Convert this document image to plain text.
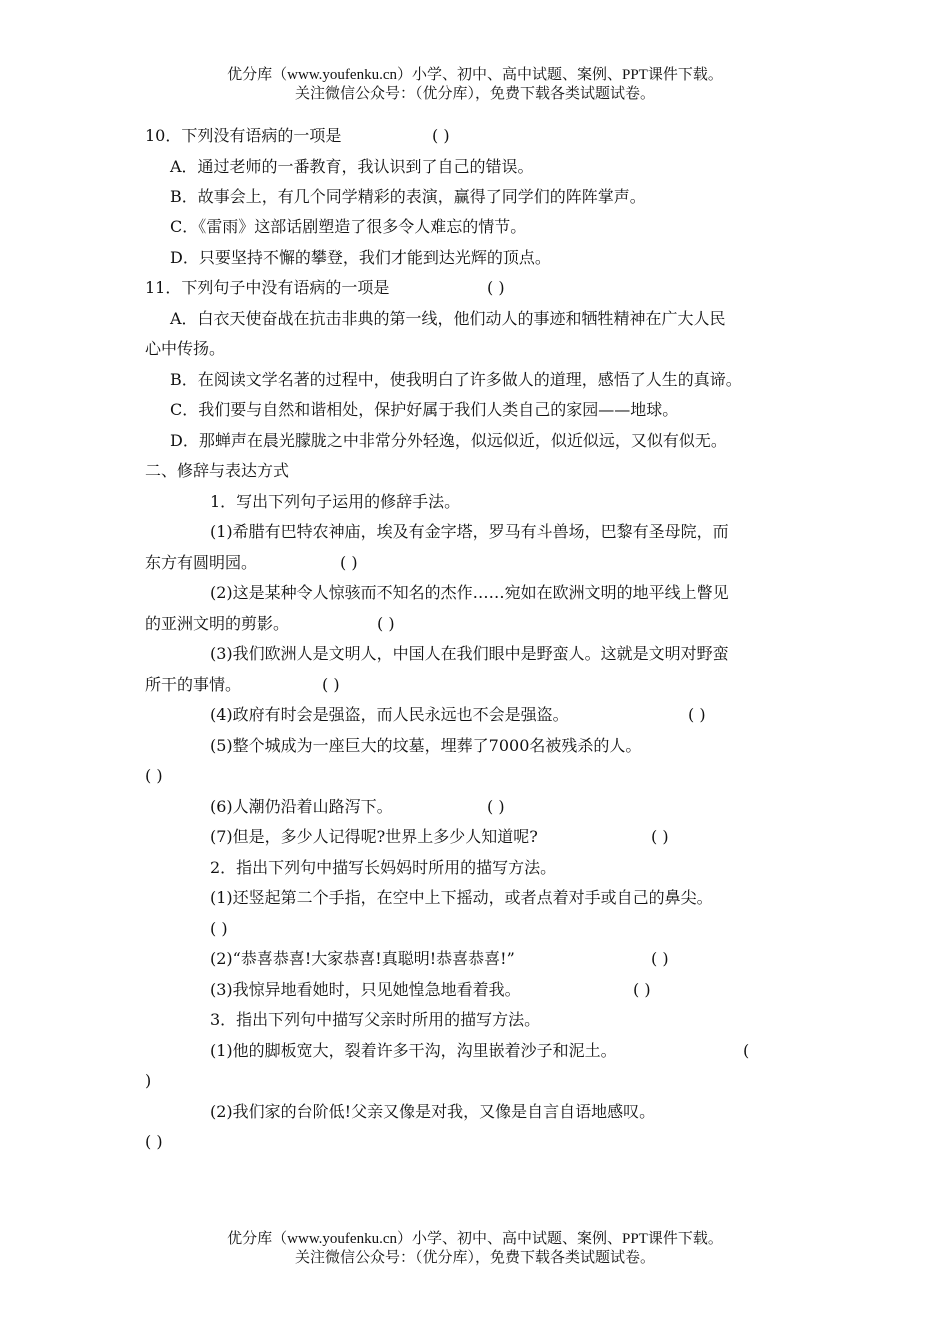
优分库（www.youfenku.cn）小学、初中、高中试题、案例、PPT课件下载。
关注微信公众号：（优分库），免费下载各类试题试卷。
10．下列没有语病的一项是	( )
A．通过老师的一番教育，我认识到了自己的错误。
B．故事会上，有几个同学精彩的表演，赢得了同学们的阵阵掌声。
C．《雷雨》这部话剧塑造了很多令人难忘的情节。
D．只要坚持不懈的攀登，我们才能到达光辉的顶点。
11．下列句子中没有语病的一项是	( )
A．白衣天使奋战在抗击非典的第一线，他们动人的事迹和牺牲精神在广大人民
心中传扬。
B．在阅读文学名著的过程中，使我明白了许多做人的道理，感悟了人生的真谛。
C．我们要与自然和谐相处，保护好属于我们人类自己的家园——地球。
D．那蝉声在晨光朦胧之中非常分外轻逸，似远似近，似近似远，又似有似无。
二、修辞与表达方式
1．写出下列句子运用的修辞手法。
(1)希腊有巴特农神庙，埃及有金字塔，罗马有斗兽场，巴黎有圣母院，而
东方有圆明园。	( )
(2)这是某种令人惊骇而不知名的杰作……宛如在欧洲文明的地平线上瞥见
的亚洲文明的剪影。	( )
(3)我们欧洲人是文明人，中国人在我们眼中是野蛮人。这就是文明对野蛮
所干的事情。	( )
(4)政府有时会是强盗，而人民永远也不会是强盗。	( )
(5)整个城成为一座巨大的坟墓，埋葬了7000名被残杀的人。
( )
(6)人潮仍沿着山路泻下。	( )
(7)但是，多少人记得呢?世界上多少人知道呢?	( )
2．指出下列句中描写长妈妈时所用的描写方法。
(1)还竖起第二个手指，在空中上下摇动，或者点着对手或自己的鼻尖。
( )
(2)“恭喜恭喜!大家恭喜!真聪明!恭喜恭喜!”	( )
(3)我惊异地看她时，只见她惶急地看着我。	( )
3．指出下列句中描写父亲时所用的描写方法。
(1)他的脚板宽大，裂着许多干沟，沟里嵌着沙子和泥土。	(
)
(2)我们家的台阶低!父亲又像是对我，又像是自言自语地感叹。
( )
优分库（www.youfenku.cn）小学、初中、高中试题、案例、PPT课件下载。
关注微信公众号：（优分库），免费下载各类试题试卷。
